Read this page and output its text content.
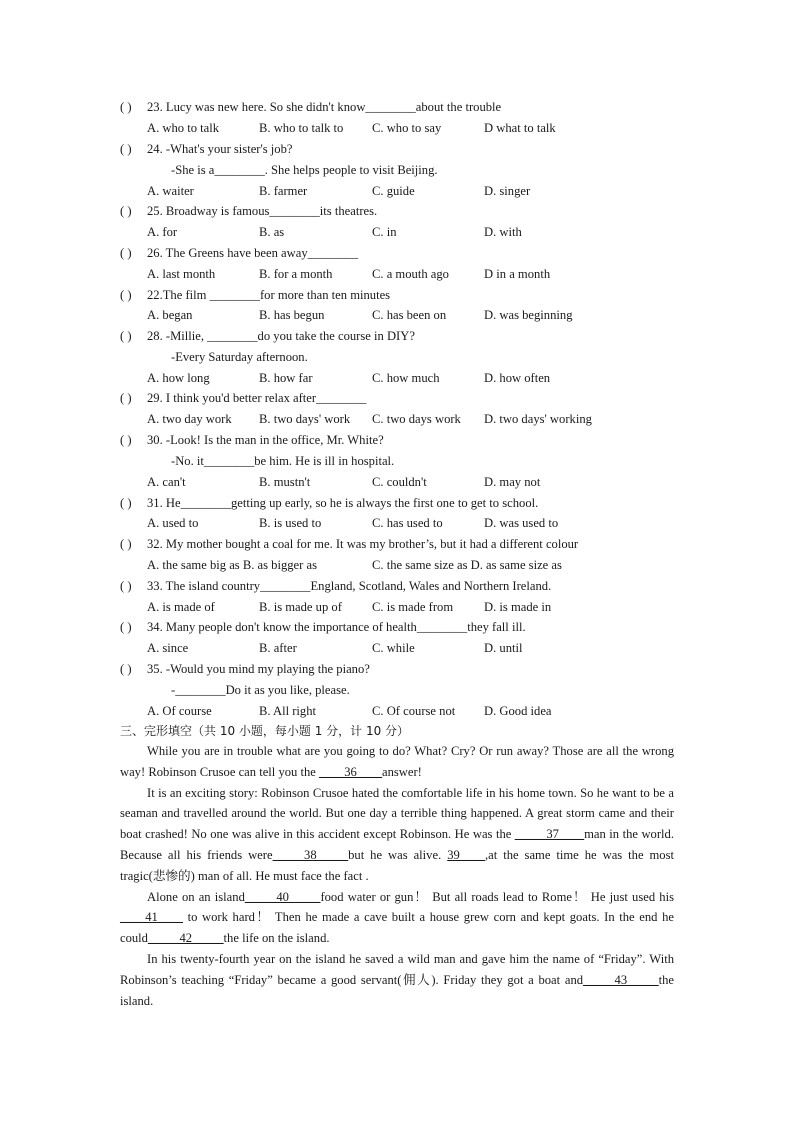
( ) 23. Lucy was new here. So she didn't know________about the trouble
A. who to talk	B. who to talk to C. who to say	D what to talk
( ) 24. -What's your sister's job?
-She is a________. She helps people to visit Beijing.
A. waiter	B. farmer	C. guide	D. singer
( ) 25. Broadway is famous________its theatres.
A. for	B. as	C. in	D. with
( ) 26. The Greens have been away________
A. last month	B. for a month	C. a mouth ago	D in a month
( ) 22.The film ________for more than ten minutes
A. began	B. has begun	C. has been on	D. was beginning
( ) 28. -Millie, ________do you take the course in DIY?
-Every Saturday afternoon.
A. how long	B. how far	C. how much	D. how often
( ) 29. I think you'd better relax after________
A. two day work B. two days' work C. two days work D. two days' working
( ) 30. -Look! Is the man in the office, Mr. White?
-No. it________be him. He is ill in hospital.
A. can't	B. mustn't	C. couldn't	D. may not
( ) 31. He________getting up early, so he is always the first one to get to school.
A. used to	B. is used to	C. has used to	D. was used to
( ) 32. My mother bought a coal for me. It was my brother’s, but it had a different colour
A. the same big as B. as bigger as	C. the same size as D. as same size as
( ) 33. The island country________England, Scotland, Wales and Northern Ireland.
A. is made of	B. is made up of C. is made from D. is made in
( ) 34. Many people don't know the importance of health________they fall ill.
A. since	B. after	C. while	D. until
( ) 35. -Would you mind my playing the piano?
-________Do it as you like, please.
A. Of course	B. All right	C. Of course not D. Good idea
三、完形填空（共 10 小题，每小题 1 分，计 10 分）

While you are in trouble what are you going to do? What? Cry? Or run away? Those are all the wrong way! Robinson Crusoe can tell you the ____36____answer!

It is an exciting story: Robinson Crusoe hated the comfortable life in his home town. So he want to be a seaman and travelled around the world. But one day a terrible thing happened. A great storm came and their boat crashed! No one was alive in this accident except Robinson. He was the _____37____man in the world. Because all his friends were_____38_____but he was alive. 39____,at the same time he was the most tragic(悲惨的) man of all. He must face the fact .

Alone on an island_____40_____food water or gun！ But all roads lead to Rome！ He just used his ____41____ to work hard！ Then he made a cave built a house grew corn and kept goats. In the end he could_____42_____the life on the island.

In his twenty-fourth year on the island he saved a wild man and gave him the name of “Friday”. With Robinson’s teaching “Friday” became a good servant(佣人). Friday they got a boat and_____43_____the island.
